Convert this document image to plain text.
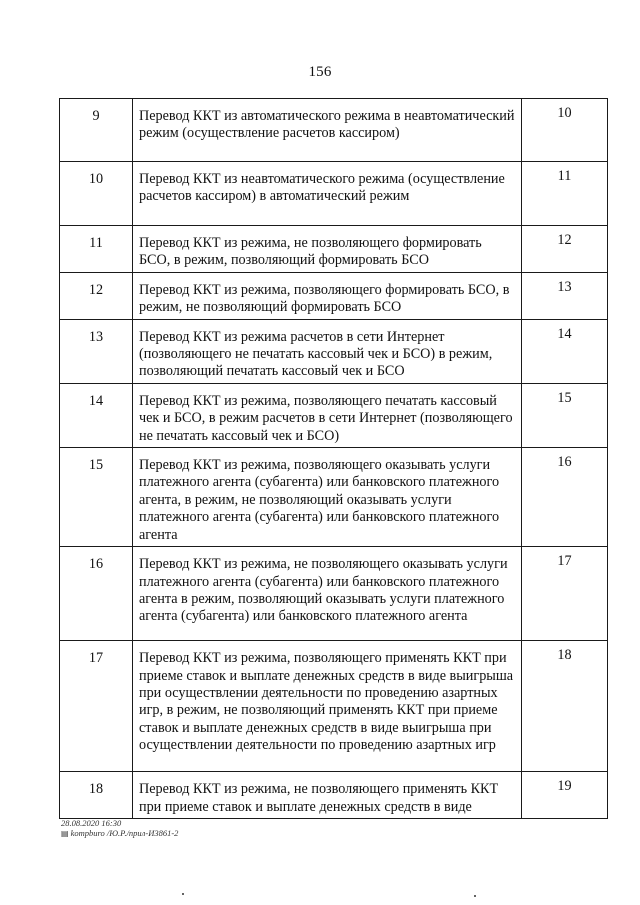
156
9	Перевод ККТ из автоматического режима в неавтоматический режим (осуществление расчетов кассиром)	10
10	Перевод ККТ из неавтоматического режима (осуществление расчетов кассиром) в автоматический режим	11
11	Перевод ККТ из режима, не позволяющего формировать БСО, в режим, позволяющий формировать БСО	12
12	Перевод ККТ из режима, позволяющего формировать БСО, в режим, не позволяющий формировать БСО	13
13	Перевод ККТ из режима расчетов в сети Интернет (позволяющего не печатать кассовый чек и БСО) в режим, позволяющий печатать кассовый чек и БСО	14
14	Перевод ККТ из режима, позволяющего печатать кассовый чек и БСО, в режим расчетов в сети Интернет (позволяющего не печатать кассовый чек и БСО)	15
15	Перевод ККТ из режима, позволяющего оказывать услуги платежного агента (субагента) или банковского платежного агента, в режим, не позволяющий оказывать услуги платежного агента (субагента) или банковского платежного агента	16
16	Перевод ККТ из режима, не позволяющего оказывать услуги платежного агента (субагента) или банковского платежного агента в режим, позволяющий оказывать услуги платежного агента (субагента) или банковского платежного агента	17
17	Перевод ККТ из режима, позволяющего применять ККТ при приеме ставок и выплате денежных средств в виде выигрыша при осуществлении деятельности по проведению азартных игр, в режим, не позволяющий применять ККТ при приеме ставок и выплате денежных средств в виде выигрыша при осуществлении деятельности по проведению азартных игр	18
18	Перевод ККТ из режима, не позволяющего применять ККТ при приеме ставок и выплате денежных средств в виде	19
28.08.2020 16:30
▤ kompburo /Ю.Р./прил-И3861-2
